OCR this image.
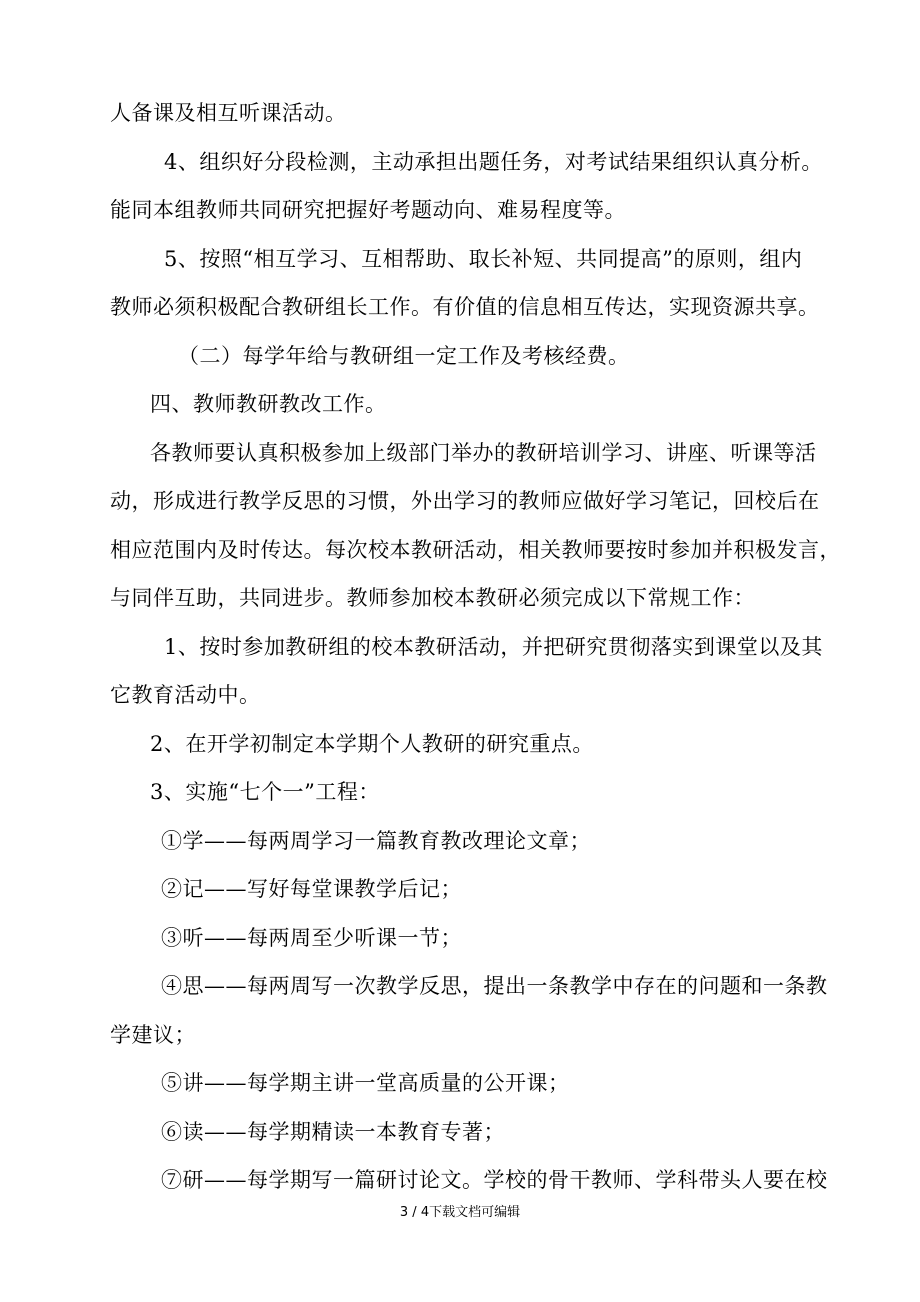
人备课及相互听课活动。
4、组织好分段检测，主动承担出题任务，对考试结果组织认真分析。
能同本组教师共同研究把握好考题动向、难易程度等。
5、按照“相互学习、互相帮助、取长补短、共同提高”的原则，组内
教师必须积极配合教研组长工作。有价值的信息相互传达，实现资源共享。
（二）每学年给与教研组一定工作及考核经费。
四、教师教研教改工作。
各教师要认真积极参加上级部门举办的教研培训学习、讲座、听课等活
动，形成进行教学反思的习惯，外出学习的教师应做好学习笔记，回校后在
相应范围内及时传达。每次校本教研活动，相关教师要按时参加并积极发言，
与同伴互助，共同进步。教师参加校本教研必须完成以下常规工作：
1、按时参加教研组的校本教研活动，并把研究贯彻落实到课堂以及其
它教育活动中。
2、在开学初制定本学期个人教研的研究重点。
3、实施“七个一”工程：
①学——每两周学习一篇教育教改理论文章；
②记——写好每堂课教学后记；
③听——每两周至少听课一节；
④思——每两周写一次教学反思，提出一条教学中存在的问题和一条教
学建议；
⑤讲——每学期主讲一堂高质量的公开课；
⑥读——每学期精读一本教育专著；
⑦研——每学期写一篇研讨论文。学校的骨干教师、学科带头人要在校
3 / 4下载文档可编辑
